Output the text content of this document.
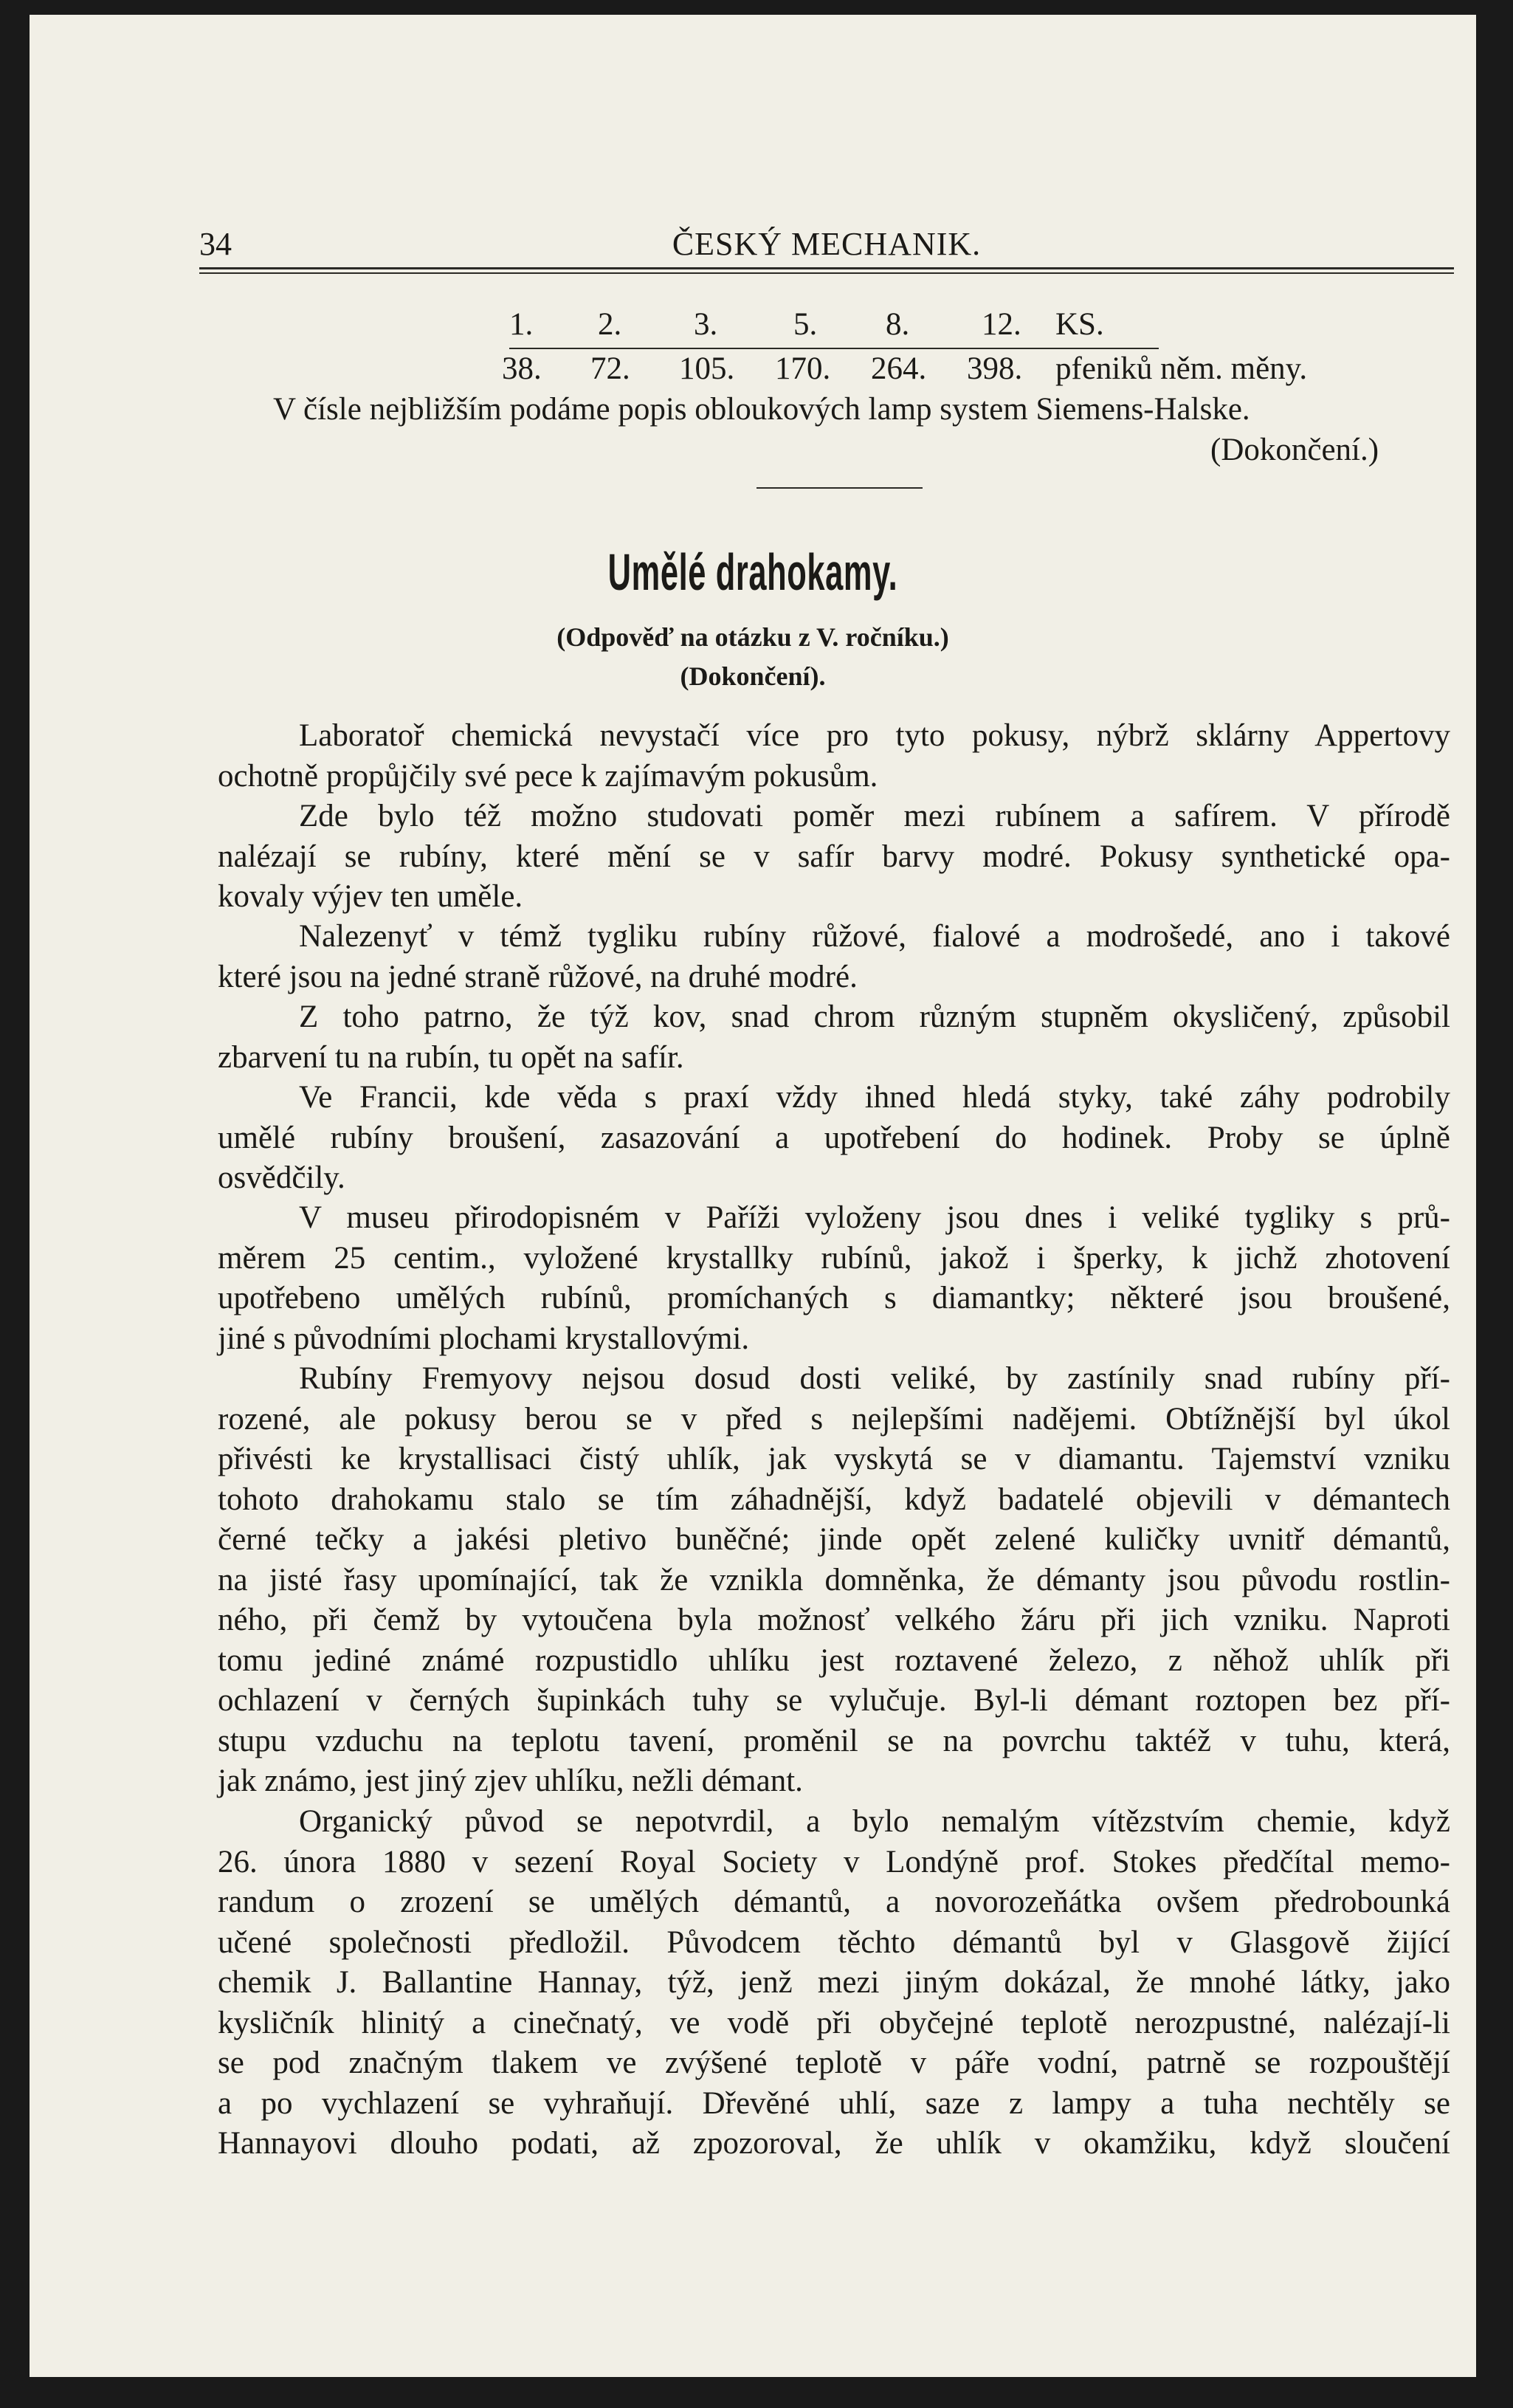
34	ČESKÝ MECHANIK.
1. 2. 3. 5. 8. 12. KS.
38. 72. 105. 170. 264. 398. pfeniků něm. měny.
V čísle nejbližším podáme popis obloukových lamp system Siemens-Halske.
(Dokončení.)
Umělé drahokamy.
(Odpověď na otázku z V. ročníku.)
(Dokončení).
Laboratoř chemická nevystačí více pro tyto pokusy, nýbrž sklárny Appertovy
ochotně propůjčily své pece k zajímavým pokusům.
Zde bylo též možno studovati poměr mezi rubínem a safírem. V přírodě
nalézají se rubíny, které mění se v safír barvy modré. Pokusy synthetické opa-
kovaly výjev ten uměle.
Nalezenyť v témž tygliku rubíny růžové, fialové a modrošedé, ano i takové
které jsou na jedné straně růžové, na druhé modré.
Z toho patrno, že týž kov, snad chrom různým stupněm okysličený, způsobil
zbarvení tu na rubín, tu opět na safír.
Ve Francii, kde věda s praxí vždy ihned hledá styky, také záhy podrobily
umělé rubíny broušení, zasazování a upotřebení do hodinek. Proby se úplně
osvědčily.
V museu přirodopisném v Paříži vyloženy jsou dnes i veliké tygliky s prů-
měrem 25 centim., vyložené krystallky rubínů, jakož i šperky, k jichž zhotovení
upotřebeno umělých rubínů, promíchaných s diamantky; některé jsou broušené,
jiné s původními plochami krystallovými.
Rubíny Fremyovy nejsou dosud dosti veliké, by zastínily snad rubíny pří-
rozené, ale pokusy berou se v před s nejlepšími nadějemi. Obtížnější byl úkol
přivésti ke krystallisaci čistý uhlík, jak vyskytá se v diamantu. Tajemství vzniku
tohoto drahokamu stalo se tím záhadnější, když badatelé objevili v démantech
černé tečky a jakési pletivo buněčné; jinde opět zelené kuličky uvnitř démantů,
na jisté řasy upomínající, tak že vznikla domněnka, že démanty jsou původu rostlin-
ného, při čemž by vytoučena byla možnosť velkého žáru při jich vzniku. Naproti
tomu jediné známé rozpustidlo uhlíku jest roztavené železo, z něhož uhlík při
ochlazení v černých šupinkách tuhy se vylučuje. Byl-li démant roztopen bez pří-
stupu vzduchu na teplotu tavení, proměnil se na povrchu taktéž v tuhu, která,
jak známo, jest jiný zjev uhlíku, nežli démant.
Organický původ se nepotvrdil, a bylo nemalým vítězstvím chemie, když
26. února 1880 v sezení Royal Society v Londýně prof. Stokes předčítal memo-
randum o zrození se umělých démantů, a novorozeňátka ovšem předrobounká
učené společnosti předložil. Původcem těchto démantů byl v Glasgově žijící
chemik J. Ballantine Hannay, týž, jenž mezi jiným dokázal, že mnohé látky, jako
kysličník hlinitý a cinečnatý, ve vodě při obyčejné teplotě nerozpustné, nalézají-li
se pod značným tlakem ve zvýšené teplotě v páře vodní, patrně se rozpouštějí
a po vychlazení se vyhraňují. Dřevěné uhlí, saze z lampy a tuha nechtěly se
Hannayovi dlouho podati, až zpozoroval, že uhlík v okamžiku, když sloučení
